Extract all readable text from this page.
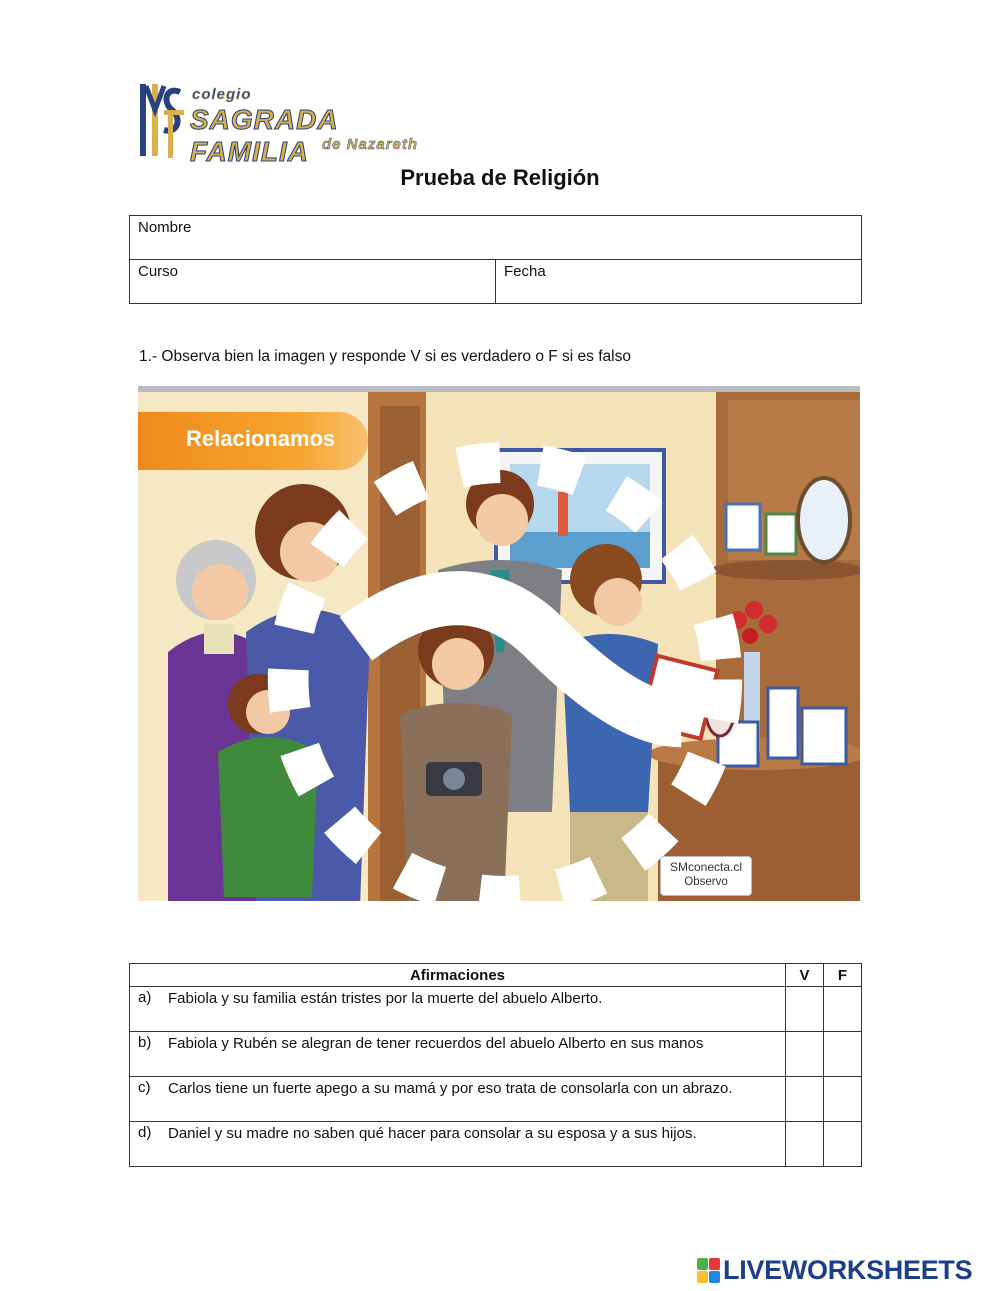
colegio
SAGRADA FAMILIA de Nazareth
Prueba de Religión
Nombre
Curso	Fecha
1.- Observa bien la imagen y responde V si es verdadero o F si es falso
Relacionamos
SMconecta.cl
Observo
Afirmaciones	V	F

a) Fabiola y su familia están tristes por la muerte del abuelo Alberto.		

b) Fabiola y Rubén se alegran de tener recuerdos del abuelo Alberto en sus manos		

c) Carlos tiene un fuerte apego a su mamá y por eso trata de consolarla con un abrazo.		

d) Daniel y su madre no saben qué hacer para consolar a su esposa y a sus hijos.		

LIVEWORKSHEETS
